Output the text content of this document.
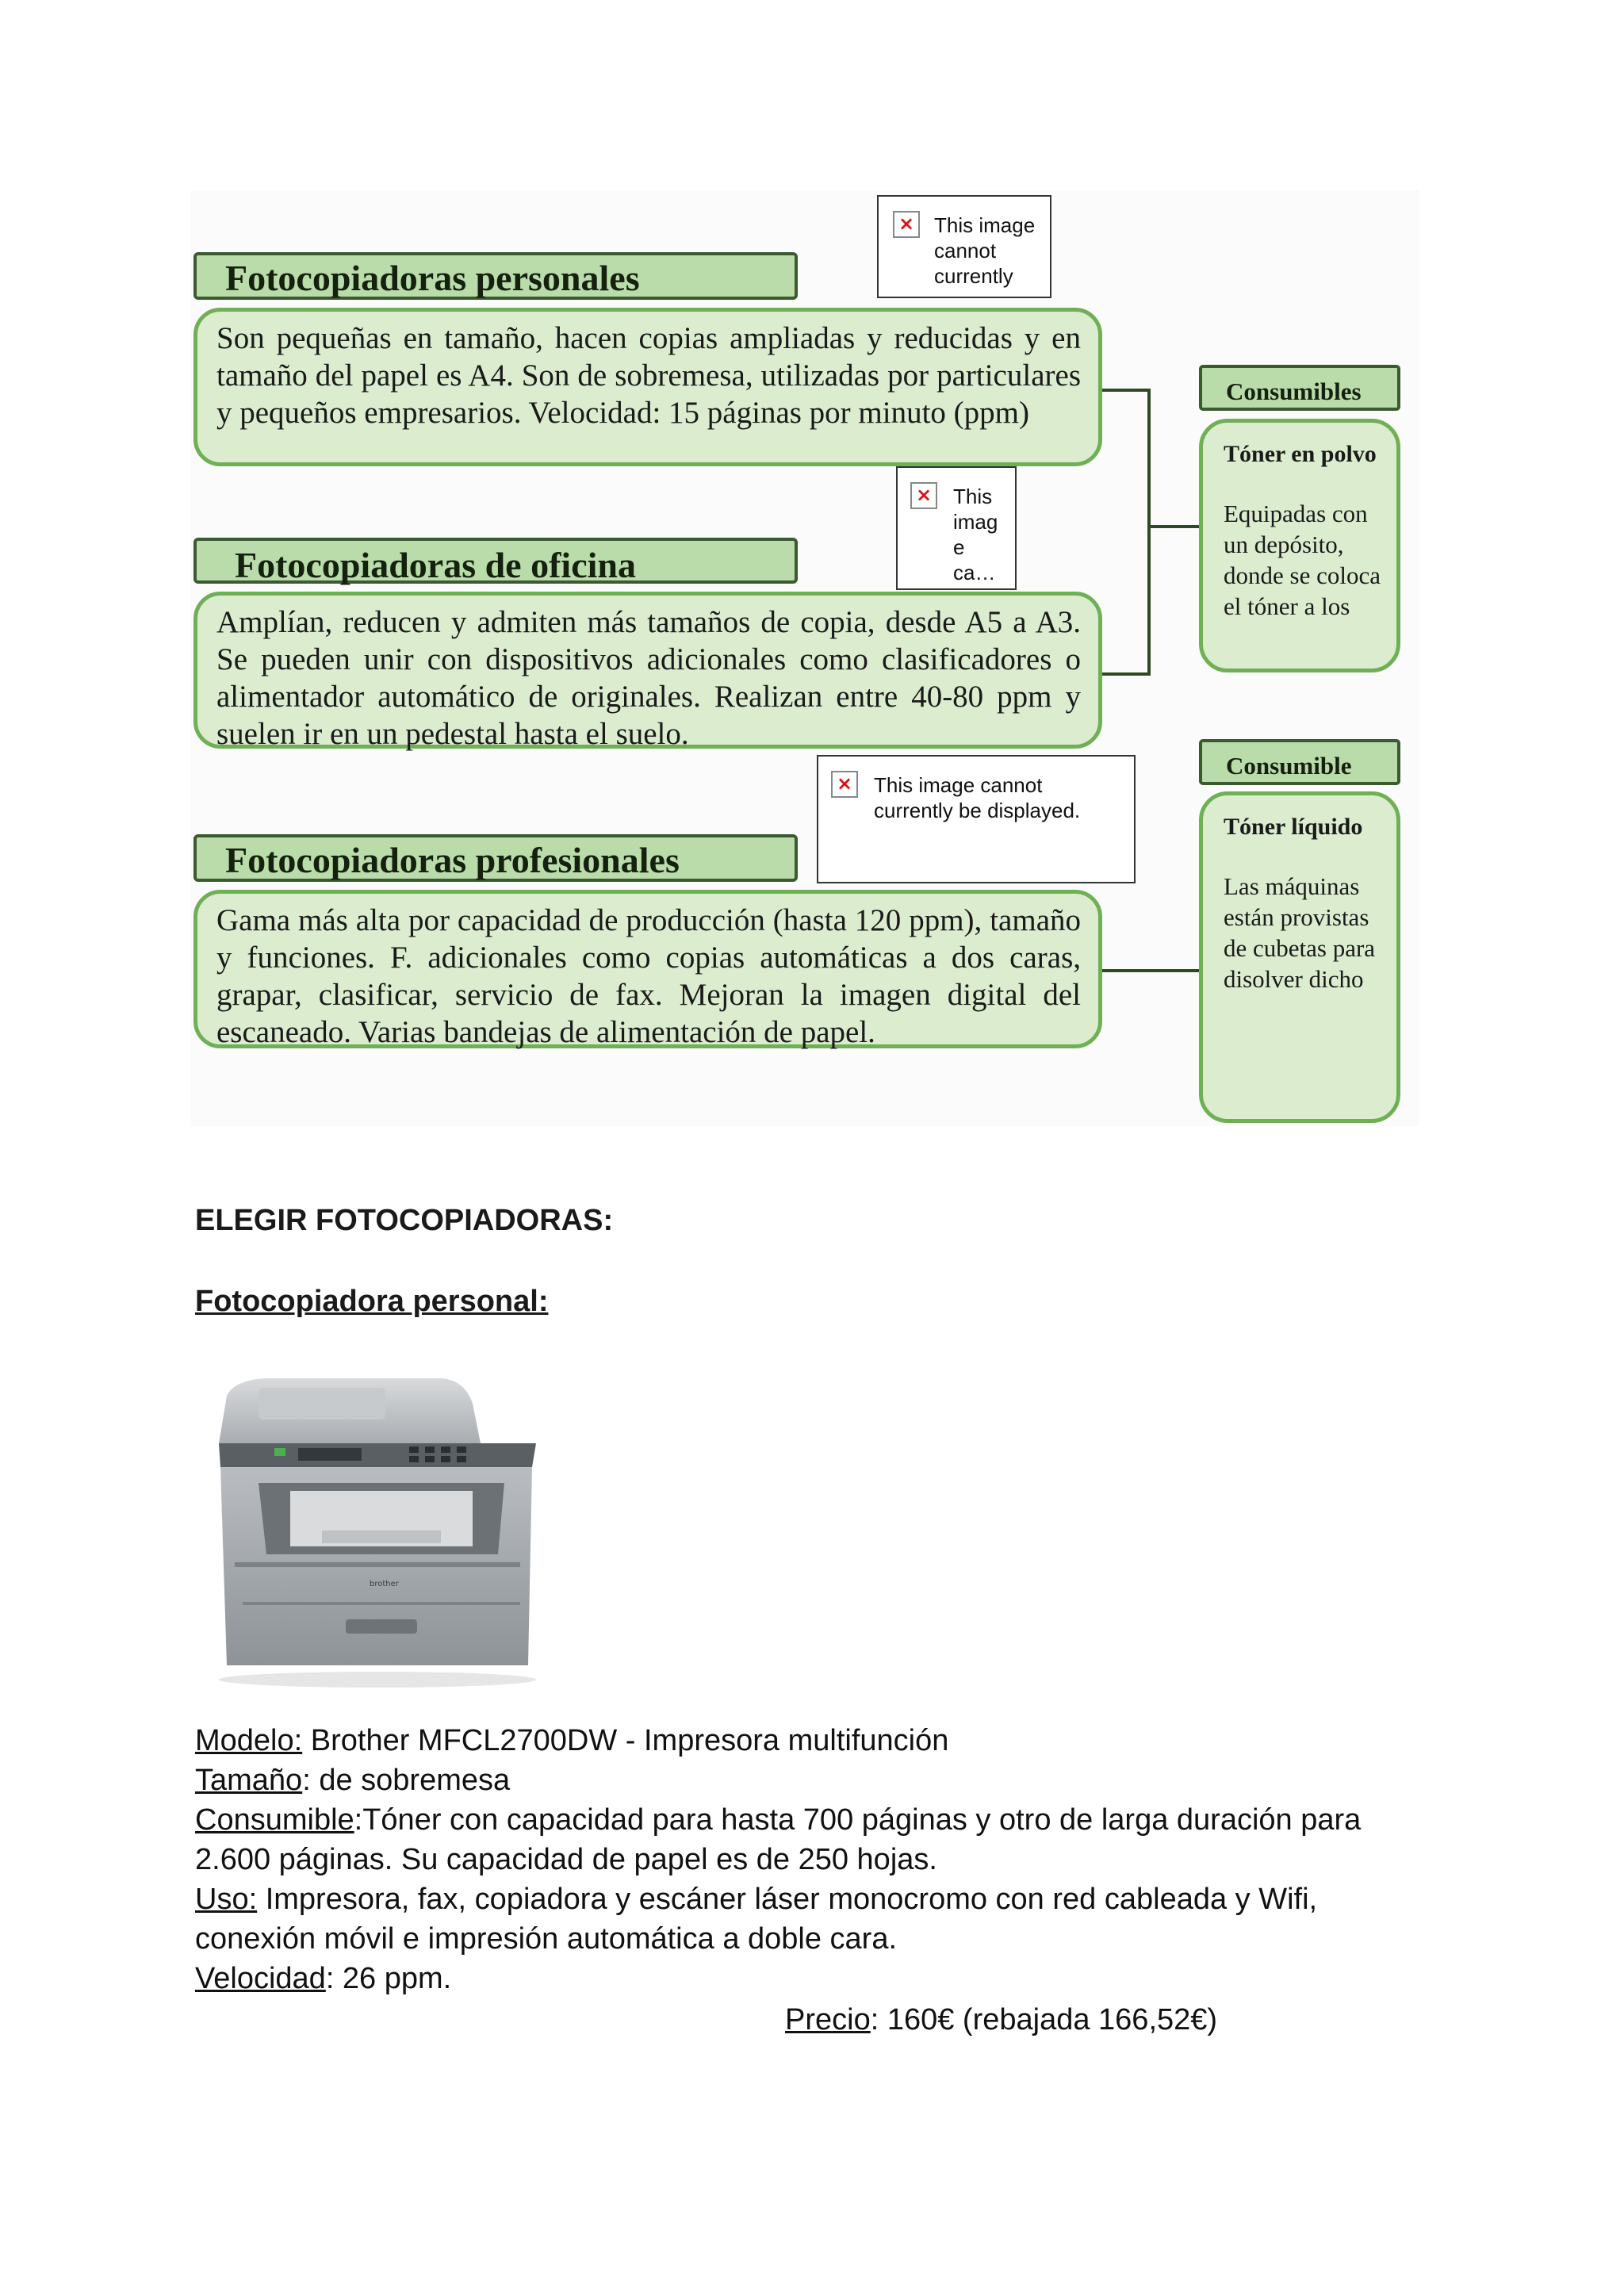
Fotocopiadoras personales
Son pequeñas en tamaño, hacen copias ampliadas y reducidas y en tamaño del papel es A4. Son de sobremesa, utilizadas por particulares y pequeños empresarios. Velocidad: 15 páginas por minuto (ppm)
Fotocopiadoras de oficina
Amplían, reducen y admiten más tamaños de copia, desde A5 a A3. Se pueden unir con dispositivos adicionales como clasificadores o alimentador automático de originales. Realizan entre 40-80 ppm y suelen ir en un pedestal hasta el suelo.
Fotocopiadoras profesionales
Gama más alta por capacidad de producción (hasta 120 ppm), tamaño y funciones. F. adicionales como copias automáticas a dos caras, grapar, clasificar, servicio de fax. Mejoran la imagen digital del escaneado. Varias bandejas de alimentación de papel.
Consumibles
Tóner en polvo
Equipadas con un depósito, donde se coloca el tóner a los
Consumible
Tóner líquido
Las máquinas están provistas de cubetas para disolver dicho
× This image cannot currently
× This imag e ca…
× This image cannot currently be displayed.
ELEGIR FOTOCOPIADORAS:
Fotocopiadora personal:
brother
Modelo: Brother MFCL2700DW - Impresora multifunción
Tamaño: de sobremesa
Consumible:Tóner con capacidad para hasta 700 páginas y otro de larga duración para 2.600 páginas. Su capacidad de papel es de 250 hojas.
Uso: Impresora, fax, copiadora y escáner láser monocromo con red cableada y Wifi, conexión móvil e impresión automática a doble cara.
Velocidad: 26 ppm.
Precio: 160€ (rebajada 166,52€)
